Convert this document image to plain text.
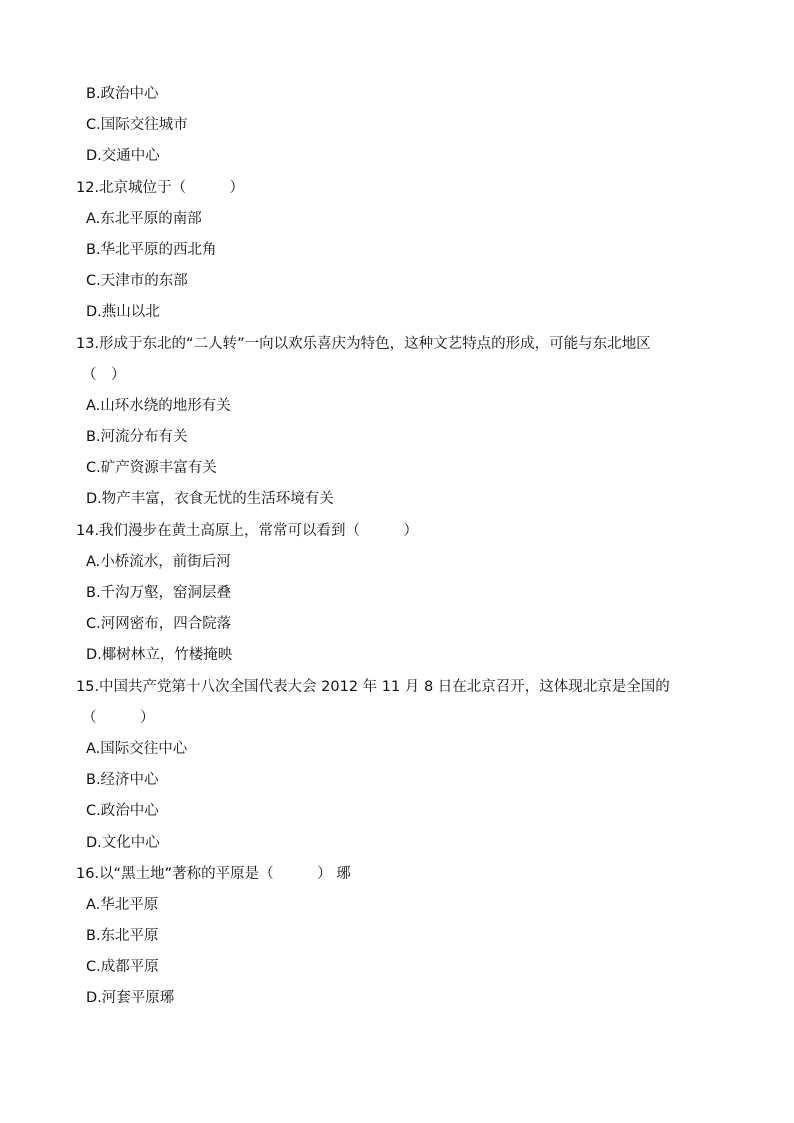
B.政治中心
C.国际交往城市
D.交通中心
12.北京城位于（　　　）
A.东北平原的南部
B.华北平原的西北角
C.天津市的东部
D.燕山以北
13.形成于东北的“二人转”一向以欢乐喜庆为特色，这种文艺特点的形成，可能与东北地区
（　）
A.山环水绕的地形有关
B.河流分布有关
C.矿产资源丰富有关
D.物产丰富，衣食无忧的生活环境有关
14.我们漫步在黄土高原上，常常可以看到（　　　）
A.小桥流水，前街后河
B.千沟万壑，窑洞层叠
C.河网密布，四合院落
D.椰树林立，竹楼掩映
15.中国共产党第十八次全国代表大会 2012 年 11 月 8 日在北京召开，这体现北京是全国的
（　　　）
A.国际交往中心
B.经济中心
C.政治中心
D.文化中心
16.以“黑土地”著称的平原是（　　　） 琊
A.华北平原
B.东北平原
C.成都平原
D.河套平原琊
